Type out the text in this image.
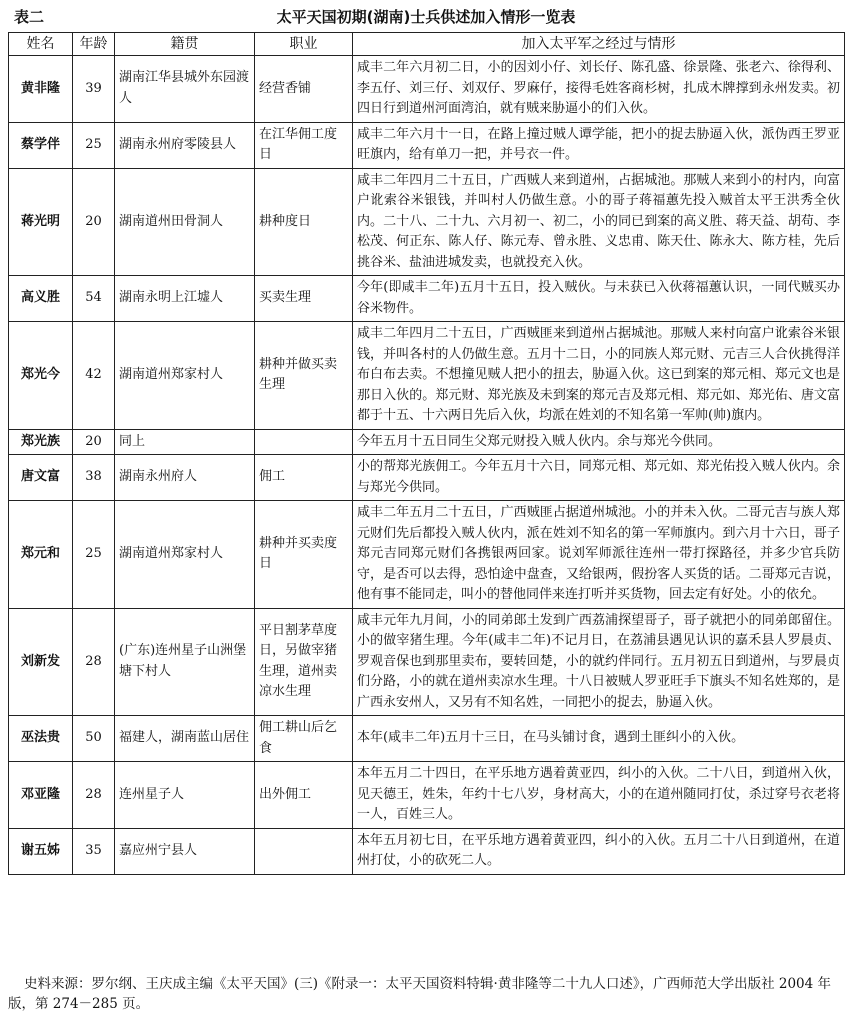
表二	太平天国初期(湖南)士兵供述加入情形一览表
姓名	年龄	籍贯	职业	加入太平军之经过与情形
黄非隆	39	湖南江华县城外东园渡人	经营香铺	咸丰二年六月初二日，小的因刘小仔、刘长仔、陈孔盛、徐景隆、张老六、徐得利、李五仔、刘三仔、刘双仔、罗麻仔，接得毛姓客商杉树，扎成木牌撑到永州发卖。初四日行到道州河面湾泊，就有贼来胁逼小的们入伙。
蔡学伴	25	湖南永州府零陵县人	在江华佣工度日	咸丰二年六月十一日，在路上撞过贼人谭学能，把小的捉去胁逼入伙，派伪西王罗亚旺旗内，给有单刀一把，并号衣一件。
蒋光明	20	湖南道州田骨洞人	耕种度日	咸丰二年四月二十五日，广西贼人来到道州，占据城池。那贼人来到小的村内，向富户讹索谷米银钱，并叫村人仍做生意。小的哥子蒋福蕙先投入贼首太平王洪秀全伙内。二十八、二十九、六月初一、初二，小的同已到案的高义胜、蒋天益、胡苟、李松茂、何正东、陈人仔、陈元寿、曾永胜、义忠甫、陈天仕、陈永大、陈方桂，先后挑谷米、盐油进城发卖，也就投充入伙。
高义胜	54	湖南永明上江墟人	买卖生理	今年(即咸丰二年)五月十五日，投入贼伙。与未获已入伙蒋福蕙认识，一同代贼买办谷米物件。
郑光今	42	湖南道州郑家村人	耕种并做买卖生理	咸丰二年四月二十五日，广西贼匪来到道州占据城池。那贼人来村向富户讹索谷米银钱，并叫各村的人仍做生意。五月十二日，小的同族人郑元财、元吉三人合伙挑得洋布白布去卖。不想撞见贼人把小的扭去，胁逼入伙。这已到案的郑元相、郑元文也是那日入伙的。郑元财、郑光族及未到案的郑元吉及郑元相、郑元如、郑光佑、唐文富都于十五、十六两日先后入伙，均派在姓刘的不知名第一军帅(帅)旗内。
郑光族	20	同上		今年五月十五日同生父郑元财投入贼人伙内。余与郑光今供同。
唐文富	38	湖南永州府人	佣工	小的帮郑光族佣工。今年五月十六日，同郑元相、郑元如、郑光佑投入贼人伙内。余与郑光今供同。
郑元和	25	湖南道州郑家村人	耕种并买卖度日	咸丰二年五月二十五日，广西贼匪占据道州城池。小的并未入伙。二哥元吉与族人郑元财们先后都投入贼人伙内，派在姓刘不知名的第一军师旗内。到六月十六日，哥子郑元吉同郑元财们各携银两回家。说刘军师派往连州一带打探路径，并多少官兵防守，是否可以去得，恐怕途中盘查，又给银两，假扮客人买货的话。二哥郑元吉说，他有事不能同走，叫小的替他同伴来连打听并买货物，回去定有好处。小的依允。
刘新发	28	(广东)连州星子山洲堡塘下村人	平日割茅草度日，另做宰猪生理，道州卖凉水生理	咸丰元年九月间，小的同弟郎土发到广西荔浦探望哥子，哥子就把小的同弟郎留住。小的做宰猪生理。今年(咸丰二年)不记月日，在荔浦县遇见认识的嘉禾县人罗晨贞、罗观音保也到那里卖布，要转回楚，小的就约伴同行。五月初五日到道州，与罗晨贞们分路，小的就在道州卖凉水生理。十八日被贼人罗亚旺手下旗头不知名姓郑的，是广西永安州人，又另有不知名姓，一同把小的捉去，胁逼入伙。
巫法贵	50	福建人，湖南蓝山居住	佣工耕山后乞食	本年(咸丰二年)五月十三日，在马头铺讨食，遇到土匪纠小的入伙。
邓亚隆	28	连州星子人	出外佣工	本年五月二十四日，在平乐地方遇着黄亚四，纠小的入伙。二十八日，到道州入伙，见天德王，姓朱，年约十七八岁，身材高大，小的在道州随同打仗，杀过穿号衣老将一人，百姓三人。
谢五姊	35	嘉应州宁县人		本年五月初七日，在平乐地方遇着黄亚四，纠小的入伙。五月二十八日到道州，在道州打仗，小的砍死二人。
史料来源：罗尔纲、王庆成主编《太平天国》(三)《附录一：太平天国资料特辑·黄非隆等二十九人口述》，广西师范大学出版社 2004 年版，第 274－285 页。
